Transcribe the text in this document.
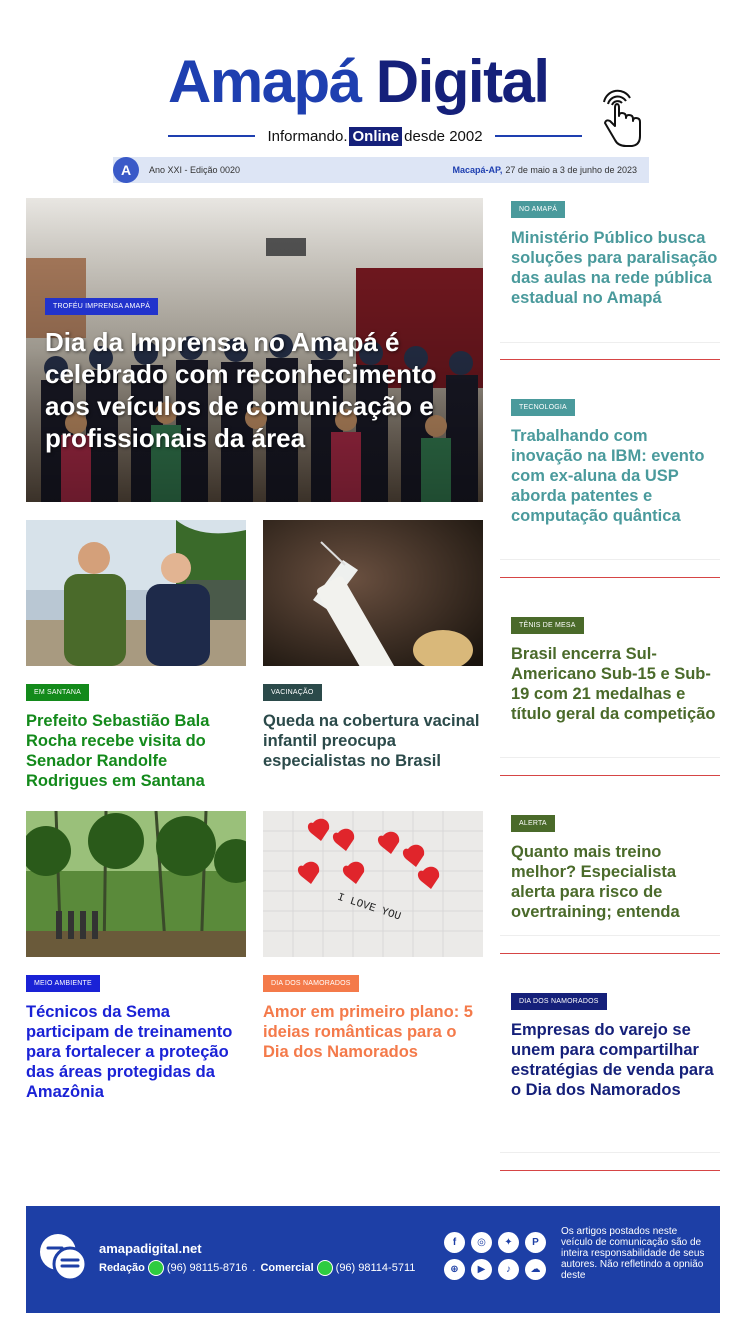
Amapá Digital
Informando. Online desde 2002
A	Ano XXI - Edição 0020	Macapá-AP, 27 de maio a 3 de junho de 2023
TROFÉU IMPRENSA AMAPÁ
Dia da Imprensa no Amapá é celebrado com reconhecimento aos veículos de comunicação e profissionais da área
EM SANTANA
Prefeito Sebastião Bala Rocha recebe visita do Senador Randolfe Rodrigues em Santana
VACINAÇÃO
Queda na cobertura vacinal infantil preocupa especialistas no Brasil
MEIO AMBIENTE
Técnicos da Sema participam de treinamento para fortalecer a proteção das áreas protegidas da Amazônia
I LOVE YOU
DIA DOS NAMORADOS
Amor em primeiro plano: 5 ideias românticas para o Dia dos Namorados
NO AMAPÁ
Ministério Público busca soluções para paralisação das aulas na rede pública estadual no Amapá
TECNOLOGIA
Trabalhando com inovação na IBM: evento com ex-aluna da USP aborda patentes e computação quântica
TÊNIS DE MESA
Brasil encerra Sul-Americano Sub-15 e Sub-19 com 21 medalhas e título geral da competição
ALERTA
Quanto mais treino melhor? Especialista alerta para risco de overtraining; entenda
DIA DOS NAMORADOS
Empresas do varejo se unem para compartilhar estratégias de venda para o Dia dos Namorados
amapadigital.net
Redação (96) 98115-8716 . Comercial (96) 98114-5711
f	◎	✦	P
⊕	▶	♪	☁
Os artigos postados neste veículo de comunicação são de inteira responsabilidade de seus autores. Não refletindo a opnião deste
